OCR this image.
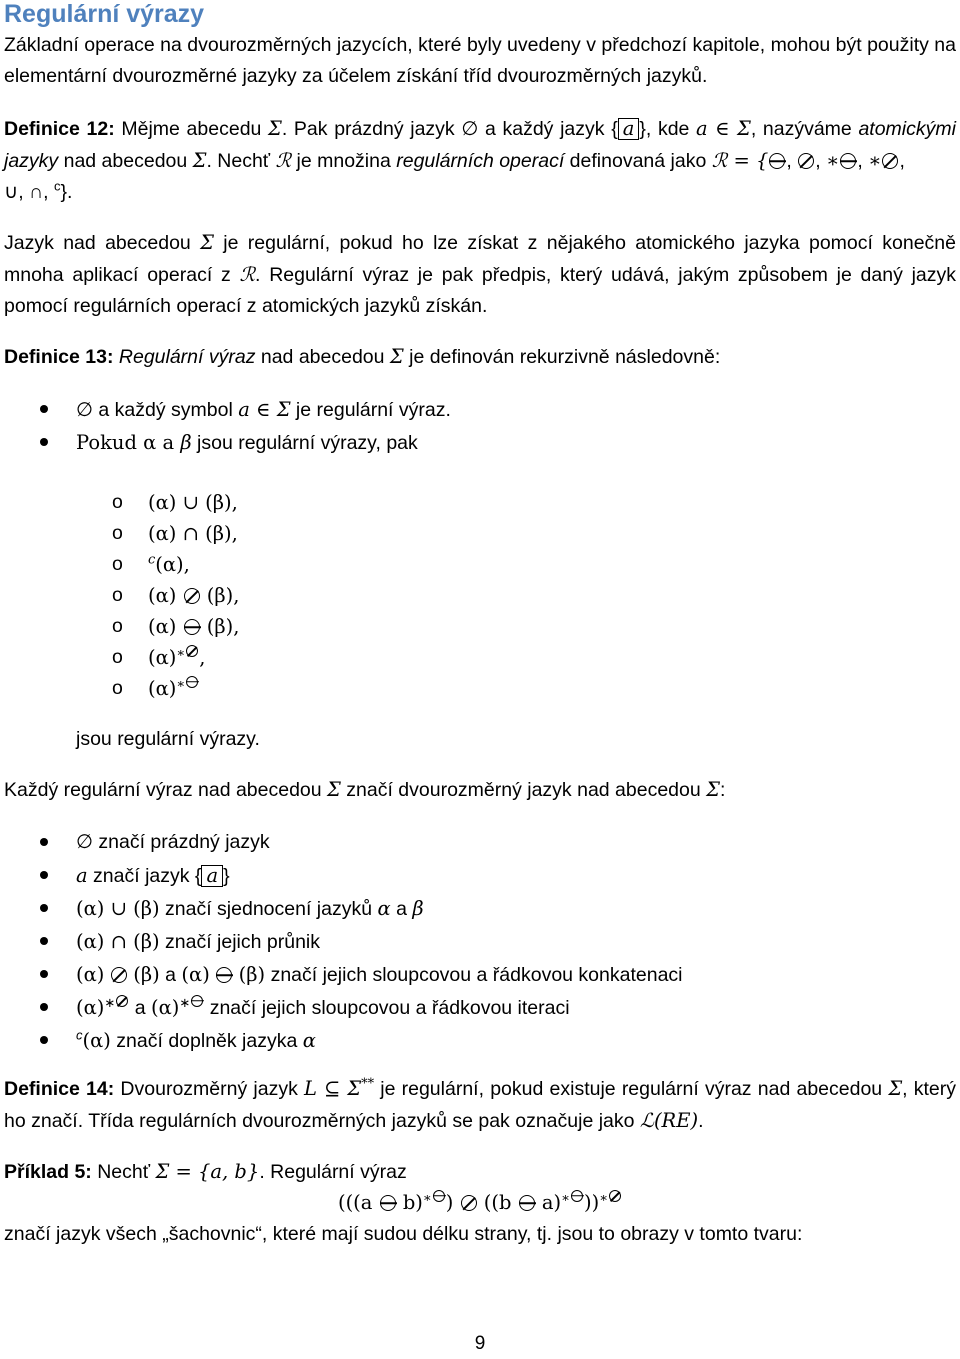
Regulární výrazy

Základní operace na dvourozměrných jazycích, které byly uvedeny v předchozí kapitole, mohou být použity na elementární dvourozměrné jazyky za účelem získání tříd dvourozměrných jazyků.

Definice 12: Mějme abecedu Σ. Pak prázdný jazyk ∅ a každý jazyk { a }, kde a ∈ Σ, nazýváme atomickými jazyky nad abecedou Σ. Nechť ℛ je množina regulárních operací definovaná jako ℛ = { , , ∗ , ∗ ,
∪, ∩, $^c$}.

Jazyk nad abecedou Σ je regulární, pokud ho lze získat z nějakého atomického jazyka pomocí konečně mnoha aplikací operací z ℛ. Regulární výraz je pak předpis, který udává, jakým způsobem je daný jazyk pomocí regulárních operací z atomických jazyků získán.

Definice 13: Regulární výraz nad abecedou Σ je definován rekurzivně následovně:

∅ a každý symbol a ∈ Σ je regulární výraz.
Pokud α a β jsou regulární výrazy, pak
o (α) ∪ (β),
o (α) ∩ (β),
o $^c$(α),
o (α)  (β),
o (α)  (β),
o (α)∗ ,
o (α)∗

jsou regulární výrazy.

Každý regulární výraz nad abecedou Σ značí dvourozměrný jazyk nad abecedou Σ:

∅ značí prázdný jazyk
a značí jazyk { a }
(α) ∪ (β) značí sjednocení jazyků α a β
(α) ∩ (β) značí jejich průnik
(α) (β) a (α) (β) značí jejich sloupcovou a řádkovou konkatenaci
(α)∗ a (α)∗ značí jejich sloupcovou a řádkovou iteraci
$^c$(α) značí doplněk jazyka α

Definice 14: Dvourozměrný jazyk L ⊆ Σ** je regulární, pokud existuje regulární výraz nad abecedou Σ, který ho značí. Třída regulárních dvourozměrných jazyků se pak označuje jako ℒ(RE).

Příklad 5: Nechť Σ = {a, b}. Regulární výraz

(((a  b)∗ )  ((b  a)∗ ))∗

značí jazyk všech „šachovnic“, které mají sudou délku strany, tj. jsou to obrazy v tomto tvaru:

9
